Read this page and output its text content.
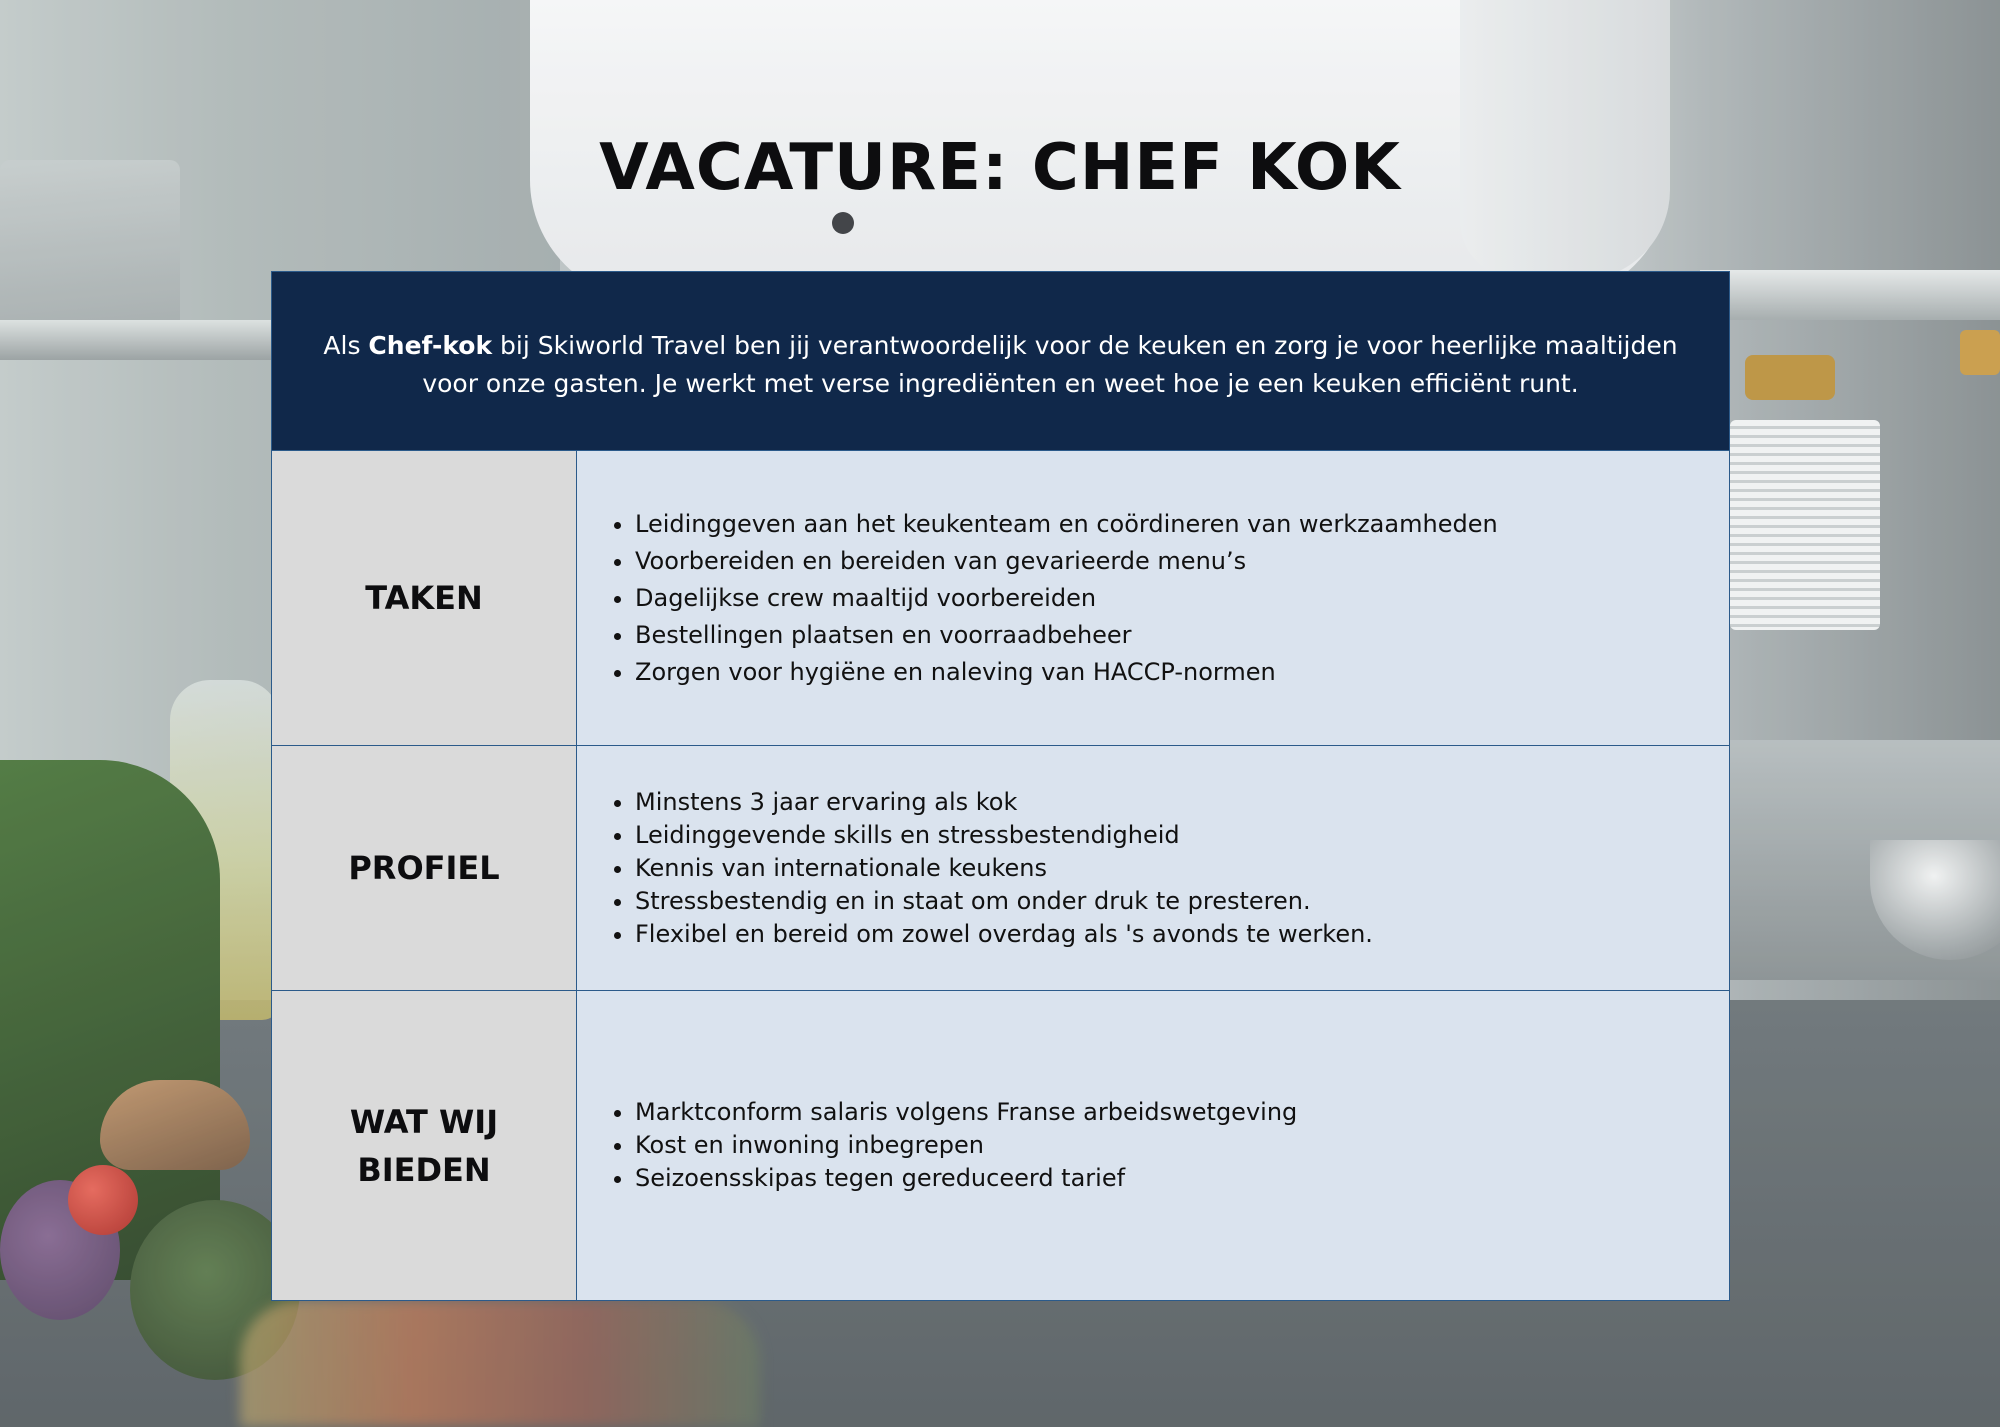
VACATURE: CHEF KOK

Als Chef-kok bij Skiworld Travel ben jij verantwoordelijk voor de keuken en zorg je voor heerlijke maaltijden voor onze gasten. Je werkt met verse ingrediënten en weet hoe je een keuken efficiënt runt.

TAKEN
• Leidinggeven aan het keukenteam en coördineren van werkzaamheden
• Voorbereiden en bereiden van gevarieerde menu’s
• Dagelijkse crew maaltijd voorbereiden
• Bestellingen plaatsen en voorraadbeheer
• Zorgen voor hygiëne en naleving van HACCP-normen
PROFIEL
• Minstens 3 jaar ervaring als kok
• Leidinggevende skills en stressbestendigheid
• Kennis van internationale keukens
• Stressbestendig en in staat om onder druk te presteren.
• Flexibel en bereid om zowel overdag als 's avonds te werken.
WAT WIJ
BIEDEN
• Marktconform salaris volgens Franse arbeidswetgeving
• Kost en inwoning inbegrepen
• Seizoensskipas tegen gereduceerd tarief
